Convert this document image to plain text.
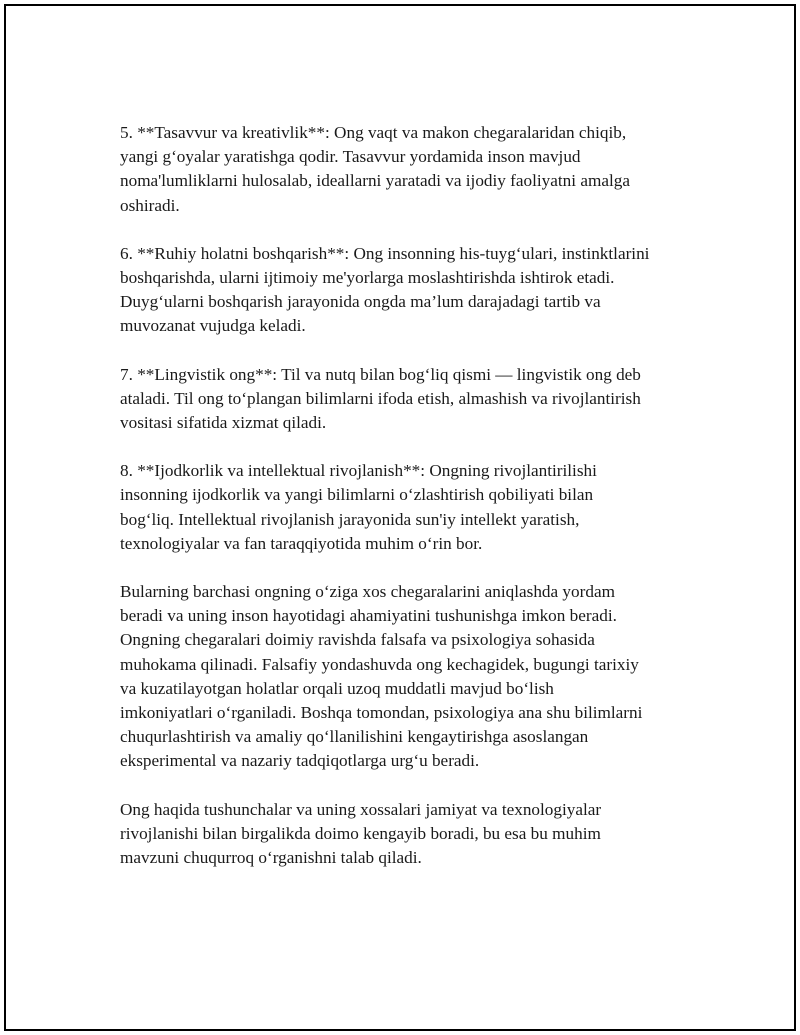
5. **Tasavvur va kreativlik**: Ong vaqt va makon chegaralaridan chiqib,
yangi g‘oyalar yaratishga qodir. Tasavvur yordamida inson mavjud
noma'lumliklarni hulosalab, ideallarni yaratadi va ijodiy faoliyatni amalga
oshiradi.

6. **Ruhiy holatni boshqarish**: Ong insonning his-tuyg‘ulari, instinktlarini
boshqarishda, ularni ijtimoiy me'yorlarga moslashtirishda ishtirok etadi.
Duyg‘ularni boshqarish jarayonida ongda ma’lum darajadagi tartib va
muvozanat vujudga keladi.

7. **Lingvistik ong**: Til va nutq bilan bog‘liq qismi — lingvistik ong deb
ataladi. Til ong to‘plangan bilimlarni ifoda etish, almashish va rivojlantirish
vositasi sifatida xizmat qiladi.

8. **Ijodkorlik va intellektual rivojlanish**: Ongning rivojlantirilishi
insonning ijodkorlik va yangi bilimlarni o‘zlashtirish qobiliyati bilan
bog‘liq. Intellektual rivojlanish jarayonida sun'iy intellekt yaratish,
texnologiyalar va fan taraqqiyotida muhim o‘rin bor.

Bularning barchasi ongning o‘ziga xos chegaralarini aniqlashda yordam
beradi va uning inson hayotidagi ahamiyatini tushunishga imkon beradi.
Ongning chegaralari doimiy ravishda falsafa va psixologiya sohasida
muhokama qilinadi. Falsafiy yondashuvda ong kechagidek, bugungi tarixiy
va kuzatilayotgan holatlar orqali uzoq muddatli mavjud bo‘lish
imkoniyatlari o‘rganiladi. Boshqa tomondan, psixologiya ana shu bilimlarni
chuqurlashtirish va amaliy qo‘llanilishini kengaytirishga asoslangan
eksperimental va nazariy tadqiqotlarga urg‘u beradi.

Ong haqida tushunchalar va uning xossalari jamiyat va texnologiyalar
rivojlanishi bilan birgalikda doimo kengayib boradi, bu esa bu muhim
mavzuni chuqurroq o‘rganishni talab qiladi.
